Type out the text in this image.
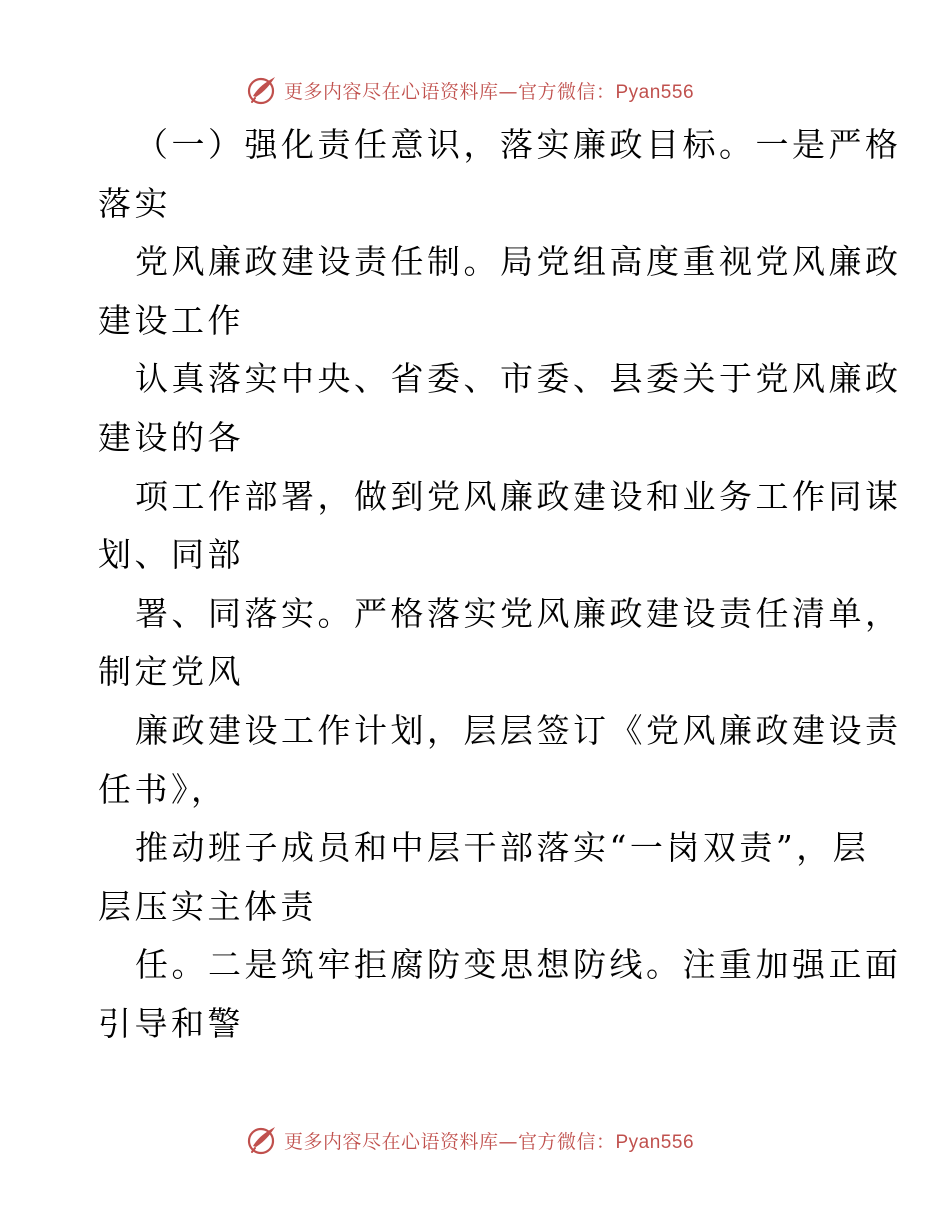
更多内容尽在心语资料库—官方微信：Pyan556
（一）强化责任意识，落实廉政目标。一是严格
落实
党风廉政建设责任制。局党组高度重视党风廉政
建设工作
认真落实中央、省委、市委、县委关于党风廉政
建设的各
项工作部署，做到党风廉政建设和业务工作同谋
划、同部
署、同落实。严格落实党风廉政建设责任清单，
制定党风
廉政建设工作计划，层层签订《党风廉政建设责
任书》，
推动班子成员和中层干部落实“一岗双责”，层
层压实主体责
任。二是筑牢拒腐防变思想防线。注重加强正面
引导和警
更多内容尽在心语资料库—官方微信：Pyan556
